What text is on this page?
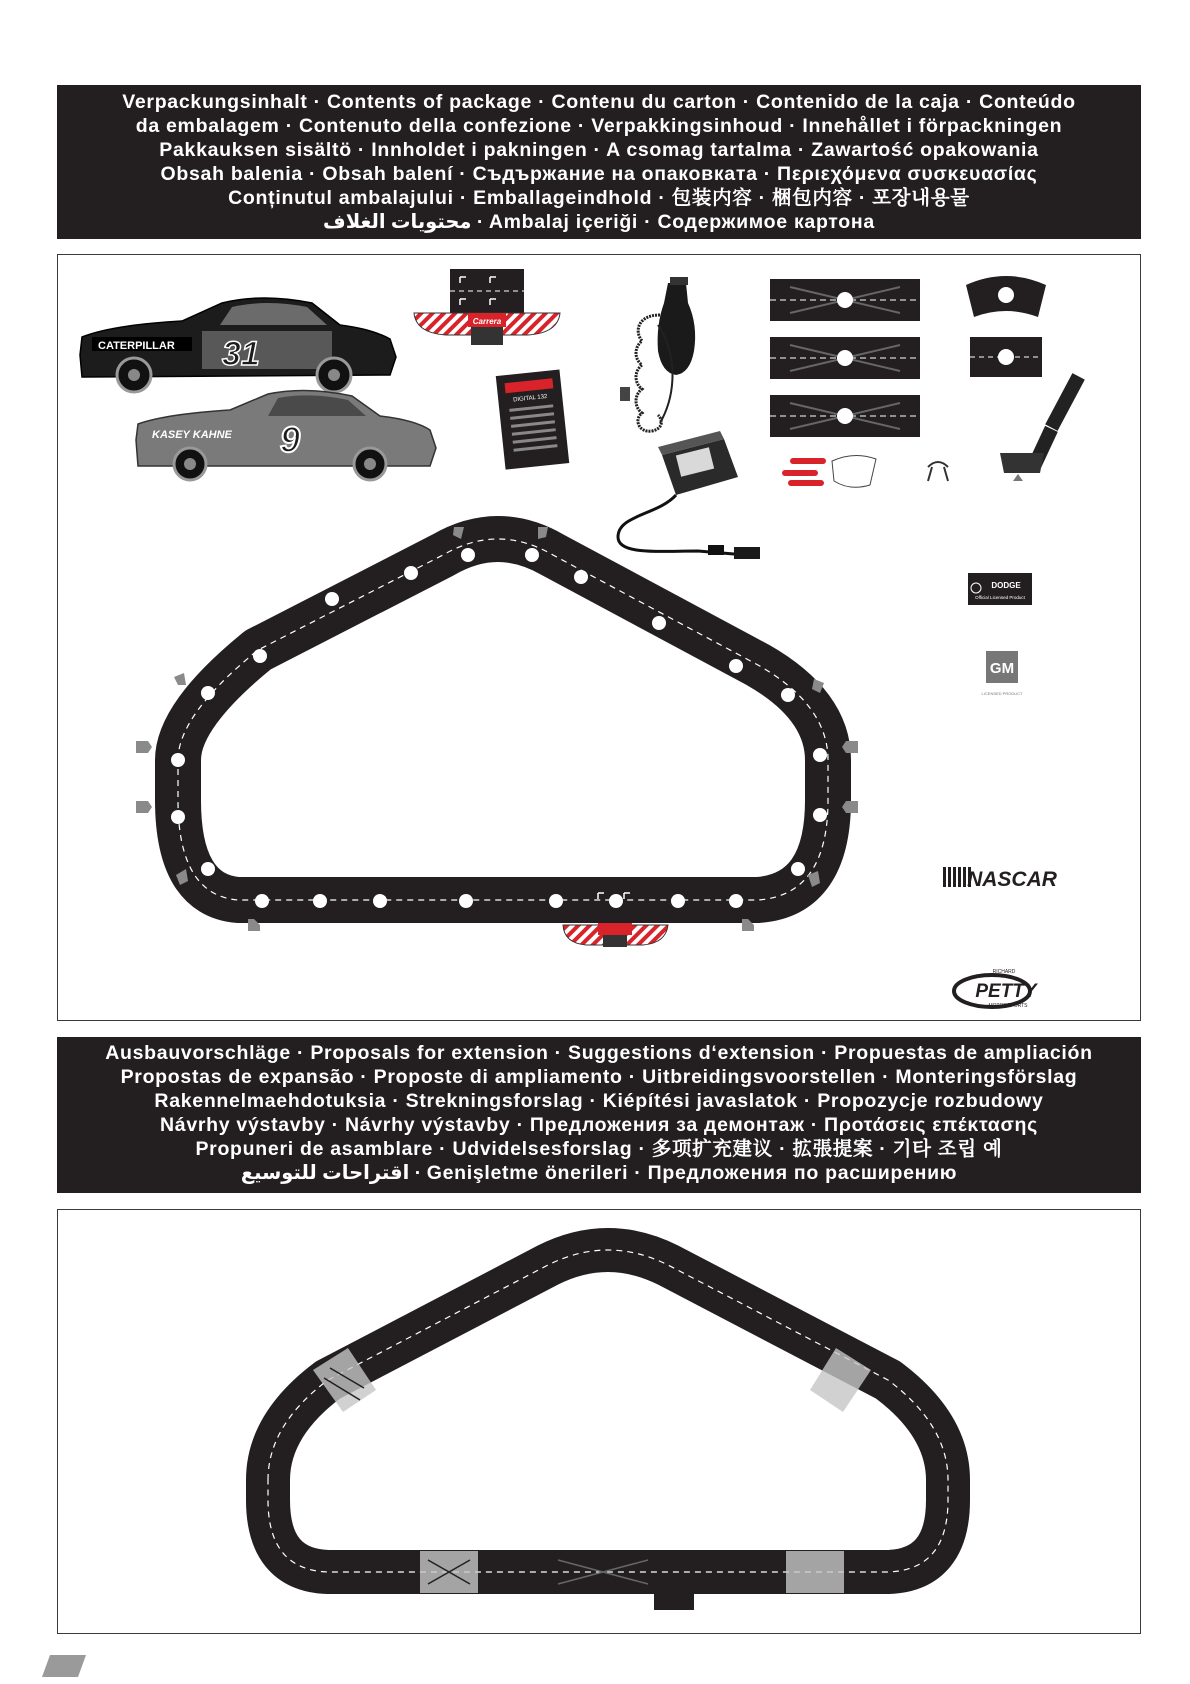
Verpackungsinhalt · Contents of package · Contenu du carton · Contenido de la caja · Conteúdo
da embalagem · Contenuto della confezione · Verpakkingsinhoud · Innehållet i förpackningen
Pakkauksen sisältö · Innholdet i pakningen · A csomag tartalma · Zawartość opakowania
Obsah balenia · Obsah balení · Съдържание на опаковката · Περιεχόμενα συσκευασίας
Conținutul ambalajului · Emballageindhold · 包装内容 · 梱包内容 · 포장내용물
محتويات الغلاف · Ambalaj içeriği · Содержимое картона
CATERPILLAR 31
KASEY KAHNE 9
Carrera
DIGITAL 132
DODGE
Official Licensed Product
GM
LICENSED PRODUCT
NASCAR
RICHARD
PETTY
MOTORSPORTS
Ausbauvorschläge · Proposals for extension · Suggestions d‘extension · Propuestas de ampliación
Propostas de expansão · Proposte di ampliamento · Uitbreidingsvoorstellen · Monteringsförslag
Rakennelmaehdotuksia · Strekningsforslag · Kiépítési javaslatok · Propozycje rozbudowy
Návrhy výstavby · Návrhy výstavby · Предложения за демонтаж · Προτάσεις επέκτασης
Propuneri de asamblare · Udvidelsesforslag · 多项扩充建议 · 拡張提案 · 기타 조립 예
اقتراحات للتوسيع · Genişletme önerileri · Предложения по расширению
